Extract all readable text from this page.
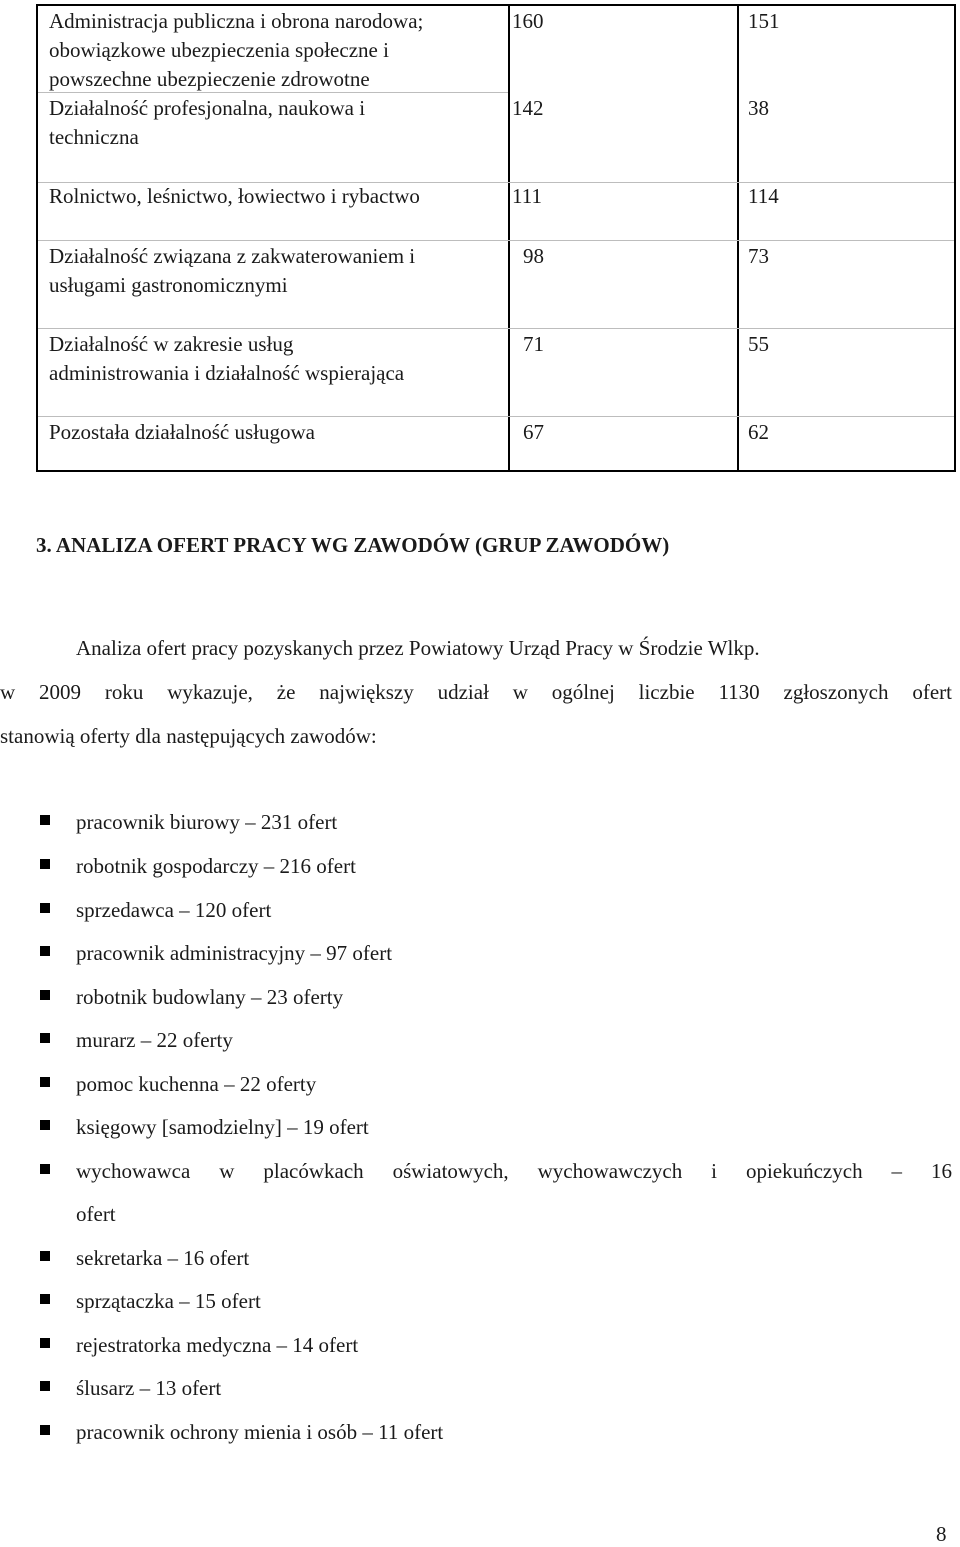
Administracja publiczna i obrona narodowa;
obowiązkowe ubezpieczenia społeczne i
powszechne ubezpieczenie zdrowotne
160	151
Działalność profesjonalna, naukowa i
techniczna
142	38
Rolnictwo, leśnictwo, łowiectwo i rybactwo	111	114
Działalność związana z zakwaterowaniem i
usługami gastronomicznymi
98	73
Działalność w zakresie usług
administrowania i działalność wspierająca
71	55
Pozostała działalność usługowa	67	62
3. ANALIZA OFERT PRACY WG ZAWODÓW (GRUP ZAWODÓW)
Analiza ofert pracy pozyskanych przez Powiatowy Urząd Pracy w Środzie Wlkp.
w 2009 roku wykazuje, że największy udział w ogólnej liczbie 1130 zgłoszonych ofert
stanowią oferty dla następujących zawodów:
pracownik biurowy – 231 ofert
robotnik gospodarczy – 216 ofert
sprzedawca – 120 ofert
pracownik administracyjny – 97 ofert
robotnik budowlany – 23 oferty
murarz – 22 oferty
pomoc kuchenna – 22 oferty
księgowy [samodzielny] – 19 ofert
wychowawca w placówkach oświatowych, wychowawczych i opiekuńczych – 16
ofert
sekretarka – 16 ofert
sprzątaczka – 15 ofert
rejestratorka medyczna – 14 ofert
ślusarz – 13 ofert
pracownik ochrony mienia i osób – 11 ofert
8
